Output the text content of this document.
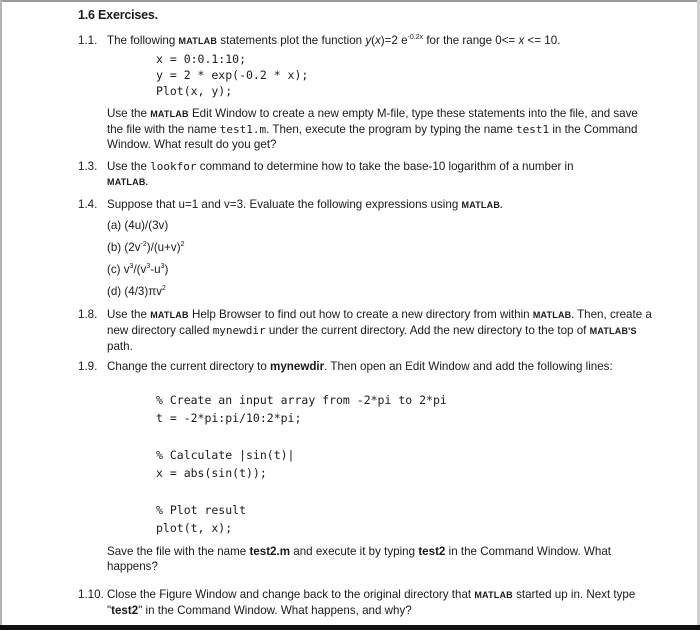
1.6 Exercises.
1.1. The following MATLAB statements plot the function y(x)=2 $e^{-0.2x}$ for the range 0<= x <= 10.
x = 0:0.1:10;
y = 2 * exp(-0.2 * x);
Plot(x, y);
Use the MATLAB Edit Window to create a new empty M-file, type these statements into the file, and save the file with the name test1.m. Then, execute the program by typing the name test1 in the Command Window. What result do you get?
1.3. Use the lookfor command to determine how to take the base-10 logarithm of a number in
MATLAB.
1.4. Suppose that u=1 and v=3. Evaluate the following expressions using MATLAB.
(a) (4u)/(3v)
(b) $(2v^{-2})/(u+v)^2$
(c) $v^3/(v^3-u^3)$
(d) $(4/3)\pi v^2$
1.8. Use the MATLAB Help Browser to find out how to create a new directory from within MATLAB. Then, create a new directory called mynewdir under the current directory. Add the new directory to the top of MATLAB'S path.
1.9. Change the current directory to mynewdir. Then open an Edit Window and add the following lines:
% Create an input array from -2*pi to 2*pi
t = -2*pi:pi/10:2*pi;
% Calculate |sin(t)|
x = abs(sin(t));
% Plot result
plot(t, x);
Save the file with the name test2.m and execute it by typing test2 in the Command Window. What happens?
1.10. Close the Figure Window and change back to the original directory that MATLAB started up in. Next type "test2" in the Command Window. What happens, and why?
